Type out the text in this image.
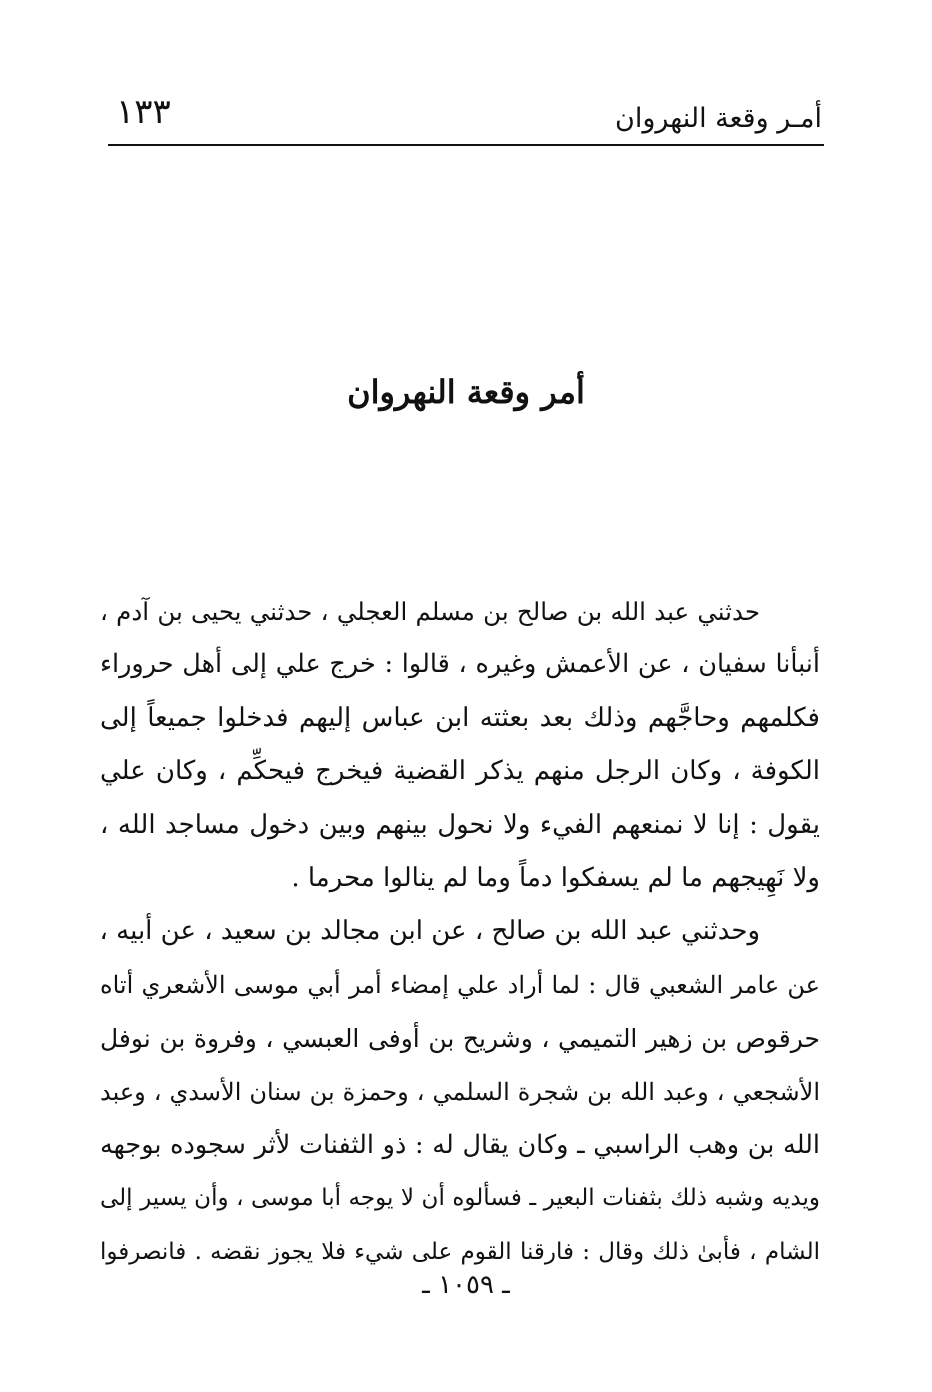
أمـر وقعة النهروان
١٣٣
أمر وقعة النهروان
حدثني عبد الله بن صالح بن مسلم العجلي ، حدثني يحيى بن آدم ،
أنبأنا سفيان ، عن الأعمش وغيره ، قالوا : خرج علي إلى أهل حروراء
فكلمهم وحاجَّهم وذلك بعد بعثته ابن عباس إليهم فدخلوا جميعاً إلى
الكوفة ، وكان الرجل منهم يذكر القضية فيخرج فيحكِّم ، وكان علي
يقول : إنا لا نمنعهم الفيء ولا نحول بينهم وبين دخول مساجد الله ،
ولا نَهِيجهم ما لم يسفكوا دماً وما لم ينالوا محرما .
وحدثني عبد الله بن صالح ، عن ابن مجالد بن سعيد ، عن أبيه ،
عن عامر الشعبي قال : لما أراد علي إمضاء أمر أبي موسى الأشعري أتاه
حرقوص بن زهير التميمي ، وشريح بن أوفى العبسي ، وفروة بن نوفل
الأشجعي ، وعبد الله بن شجرة السلمي ، وحمزة بن سنان الأسدي ، وعبد
الله بن وهب الراسبي ـ وكان يقال له : ذو الثفنات لأثر سجوده بوجهه
ويديه وشبه ذلك بثفنات البعير ـ فسألوه أن لا يوجه أبا موسى ، وأن يسير إلى
الشام ، فأبىٰ ذلك وقال : فارقنا القوم على شيء فلا يجوز نقضه . فانصرفوا
ـ ١٠٥٩ ـ
